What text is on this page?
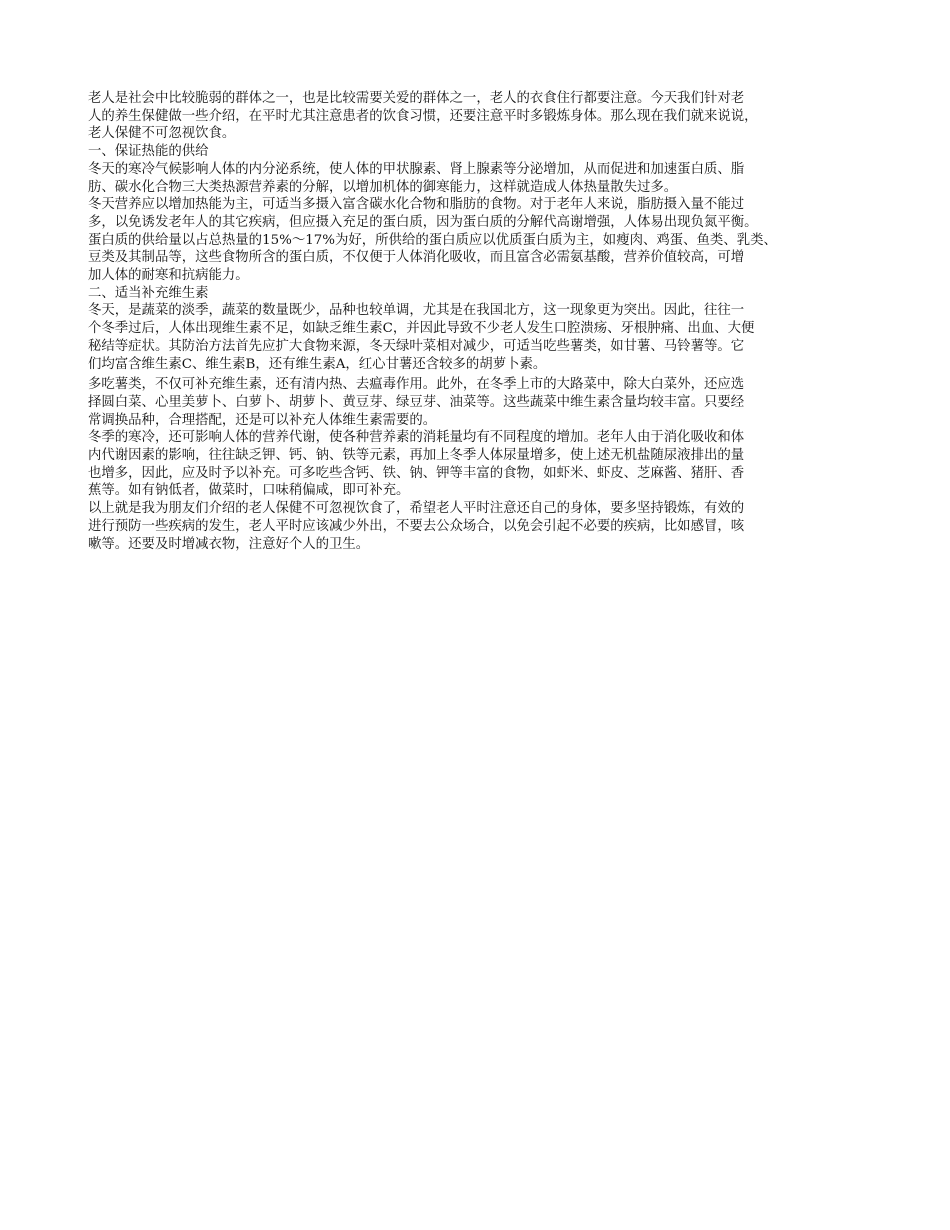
老人是社会中比较脆弱的群体之一，也是比较需要关爱的群体之一，老人的衣食住行都要注意。今天我们针对老
人的养生保健做一些介绍，在平时尤其注意患者的饮食习惯，还要注意平时多锻炼身体。那么现在我们就来说说，
老人保健不可忽视饮食。

一、保证热能的供给

冬天的寒冷气候影响人体的内分泌系统，使人体的甲状腺素、肾上腺素等分泌增加，从而促进和加速蛋白质、脂
肪、碳水化合物三大类热源营养素的分解，以增加机体的御寒能力，这样就造成人体热量散失过多。

冬天营养应以增加热能为主，可适当多摄入富含碳水化合物和脂肪的食物。对于老年人来说，脂肪摄入量不能过
多，以免诱发老年人的其它疾病，但应摄入充足的蛋白质，因为蛋白质的分解代高谢增强，人体易出现负氮平衡。
蛋白质的供给量以占总热量的15%～17%为好，所供给的蛋白质应以优质蛋白质为主，如瘦肉、鸡蛋、鱼类、乳类、
豆类及其制品等，这些食物所含的蛋白质，不仅便于人体消化吸收，而且富含必需氨基酸，营养价值较高，可增
加人体的耐寒和抗病能力。

二、适当补充维生素

冬天，是蔬菜的淡季，蔬菜的数量既少，品种也较单调，尤其是在我国北方，这一现象更为突出。因此，往往一
个冬季过后，人体出现维生素不足，如缺乏维生素C，并因此导致不少老人发生口腔溃疡、牙根肿痛、出血、大便
秘结等症状。其防治方法首先应扩大食物来源，冬天绿叶菜相对减少，可适当吃些薯类，如甘薯、马铃薯等。它
们均富含维生素C、维生素B，还有维生素A，红心甘薯还含较多的胡萝卜素。

多吃薯类，不仅可补充维生素，还有清内热、去瘟毒作用。此外，在冬季上市的大路菜中，除大白菜外，还应选
择圆白菜、心里美萝卜、白萝卜、胡萝卜、黄豆芽、绿豆芽、油菜等。这些蔬菜中维生素含量均较丰富。只要经
常调换品种，合理搭配，还是可以补充人体维生素需要的。

冬季的寒冷，还可影响人体的营养代谢，使各种营养素的消耗量均有不同程度的增加。老年人由于消化吸收和体
内代谢因素的影响，往往缺乏钾、钙、钠、铁等元素，再加上冬季人体尿量增多，使上述无机盐随尿液排出的量
也增多，因此，应及时予以补充。可多吃些含钙、铁、钠、钾等丰富的食物，如虾米、虾皮、芝麻酱、猪肝、香
蕉等。如有钠低者，做菜时，口味稍偏咸，即可补充。

以上就是我为朋友们介绍的老人保健不可忽视饮食了，希望老人平时注意还自己的身体，要多坚持锻炼，有效的
进行预防一些疾病的发生，老人平时应该减少外出，不要去公众场合，以免会引起不必要的疾病，比如感冒，咳
嗽等。还要及时增减衣物，注意好个人的卫生。
